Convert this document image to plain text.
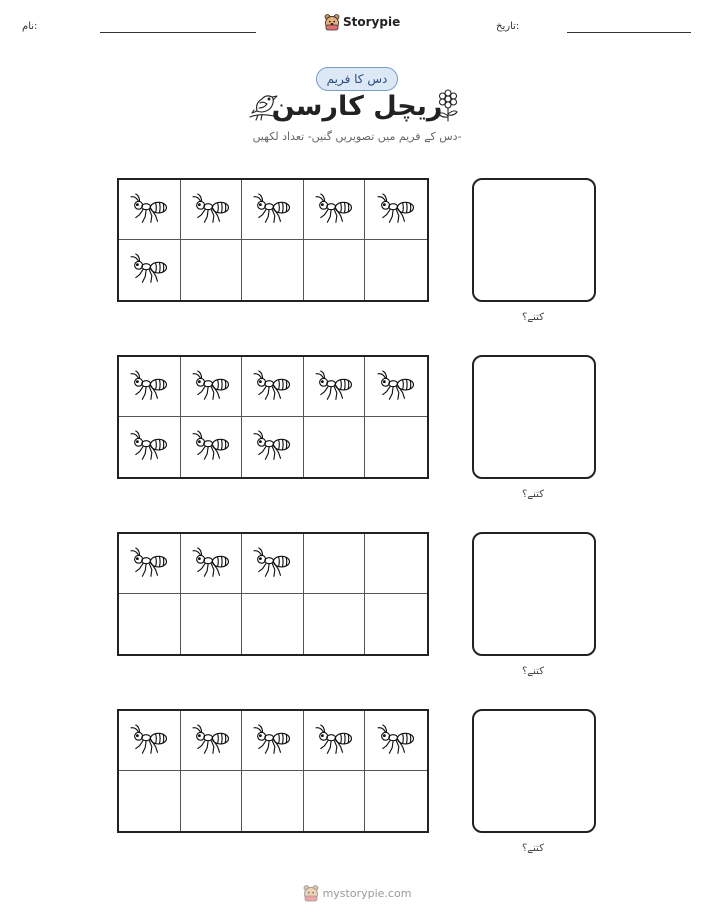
نام:	Storypie	تاریخ:
دس کا فریم
ریچل کارسن
دس کے فریم میں تصویریں گنیں- تعداد لکھیں-
کتنے؟
کتنے؟
کتنے؟
کتنے؟
mystorypie.com
